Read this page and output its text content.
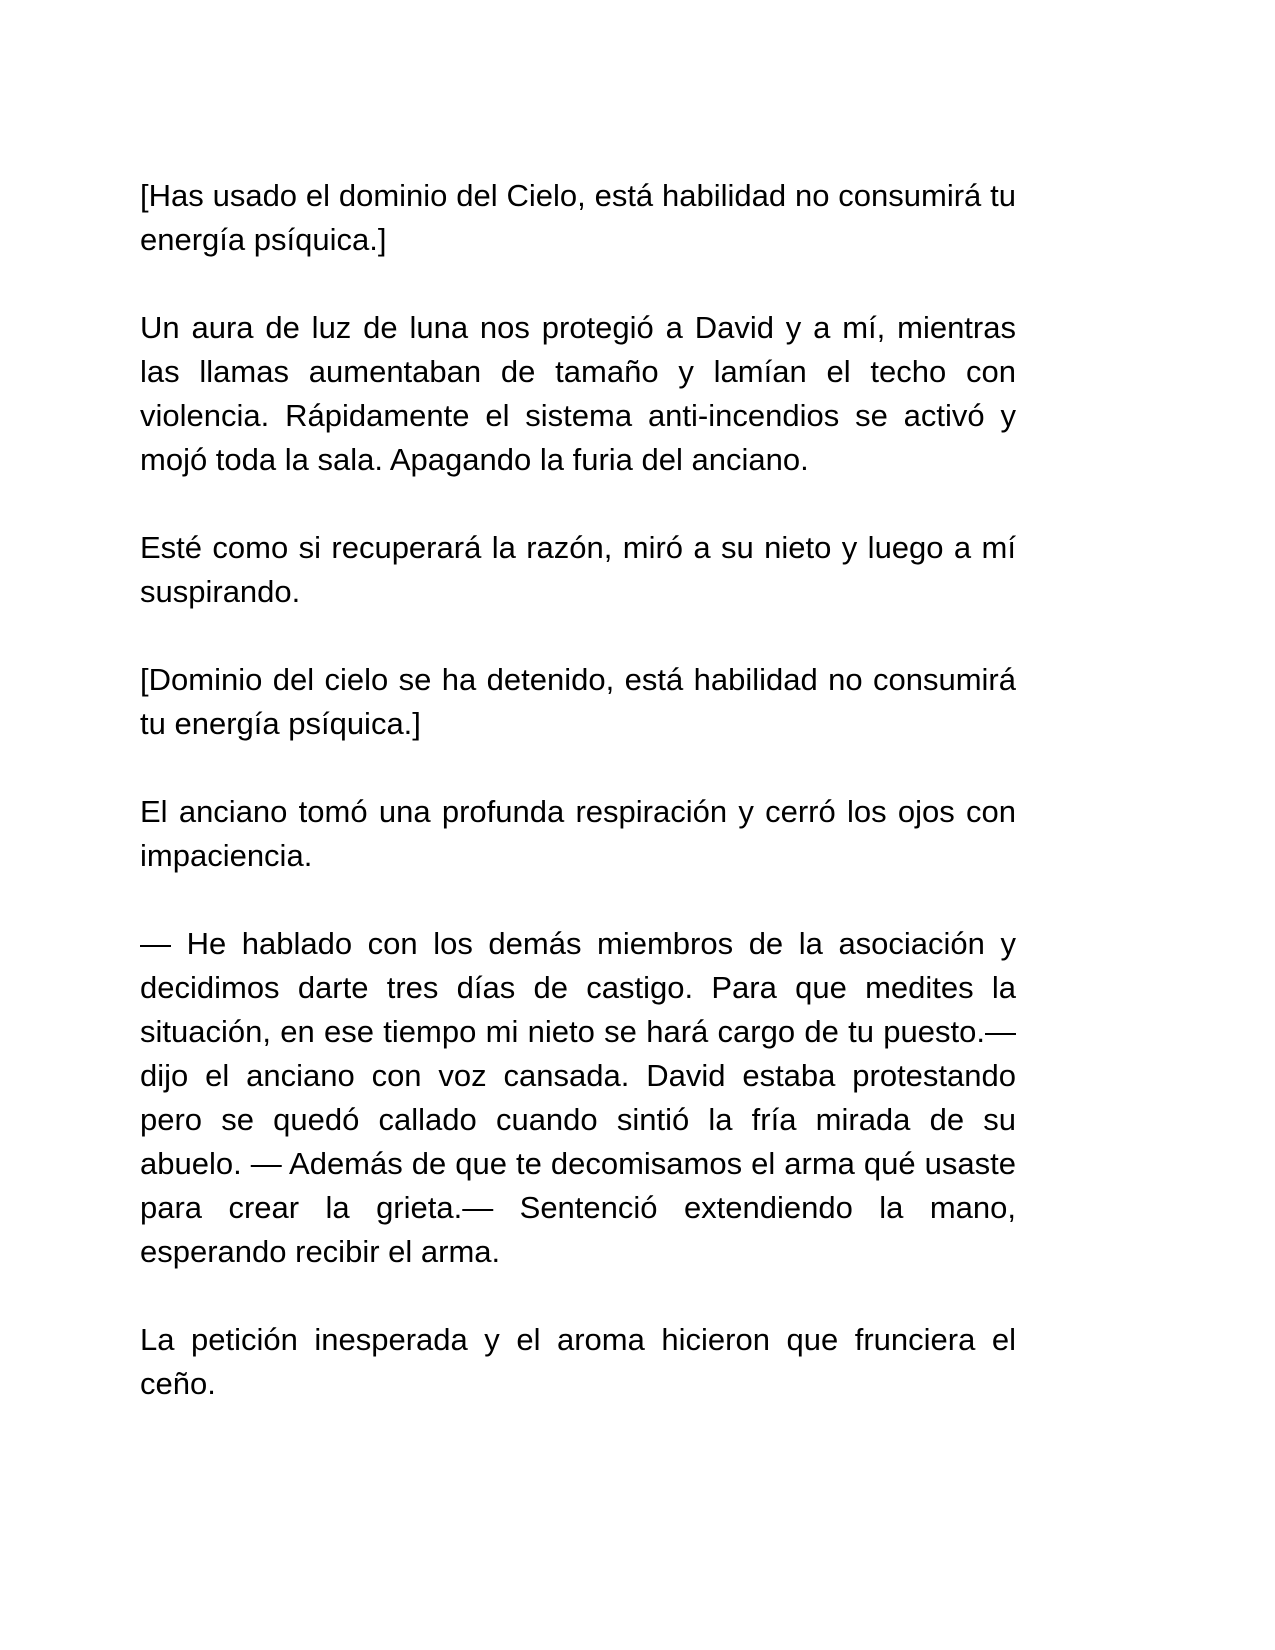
[Has usado el dominio del Cielo, está habilidad no consumirá tu energía psíquica.]

Un aura de luz de luna nos protegió a David y a mí, mientras las llamas aumentaban de tamaño y lamían el techo con violencia. Rápidamente el sistema anti-incendios se activó y mojó toda la sala. Apagando la furia del anciano.

Esté como si recuperará la razón, miró a su nieto y luego a mí suspirando.

[Dominio del cielo se ha detenido, está habilidad no consumirá tu energía psíquica.]

El anciano tomó una profunda respiración y cerró los ojos con impaciencia.

— He hablado con los demás miembros de la asociación y decidimos darte tres días de castigo. Para que medites la situación, en ese tiempo mi nieto se hará cargo de tu puesto.— dijo el anciano con voz cansada. David estaba protestando pero se quedó callado cuando sintió la fría mirada de su abuelo. — Además de que te decomisamos el arma qué usaste para crear la grieta.— Sentenció extendiendo la mano, esperando recibir el arma.

La petición inesperada y el aroma hicieron que frunciera el ceño.
